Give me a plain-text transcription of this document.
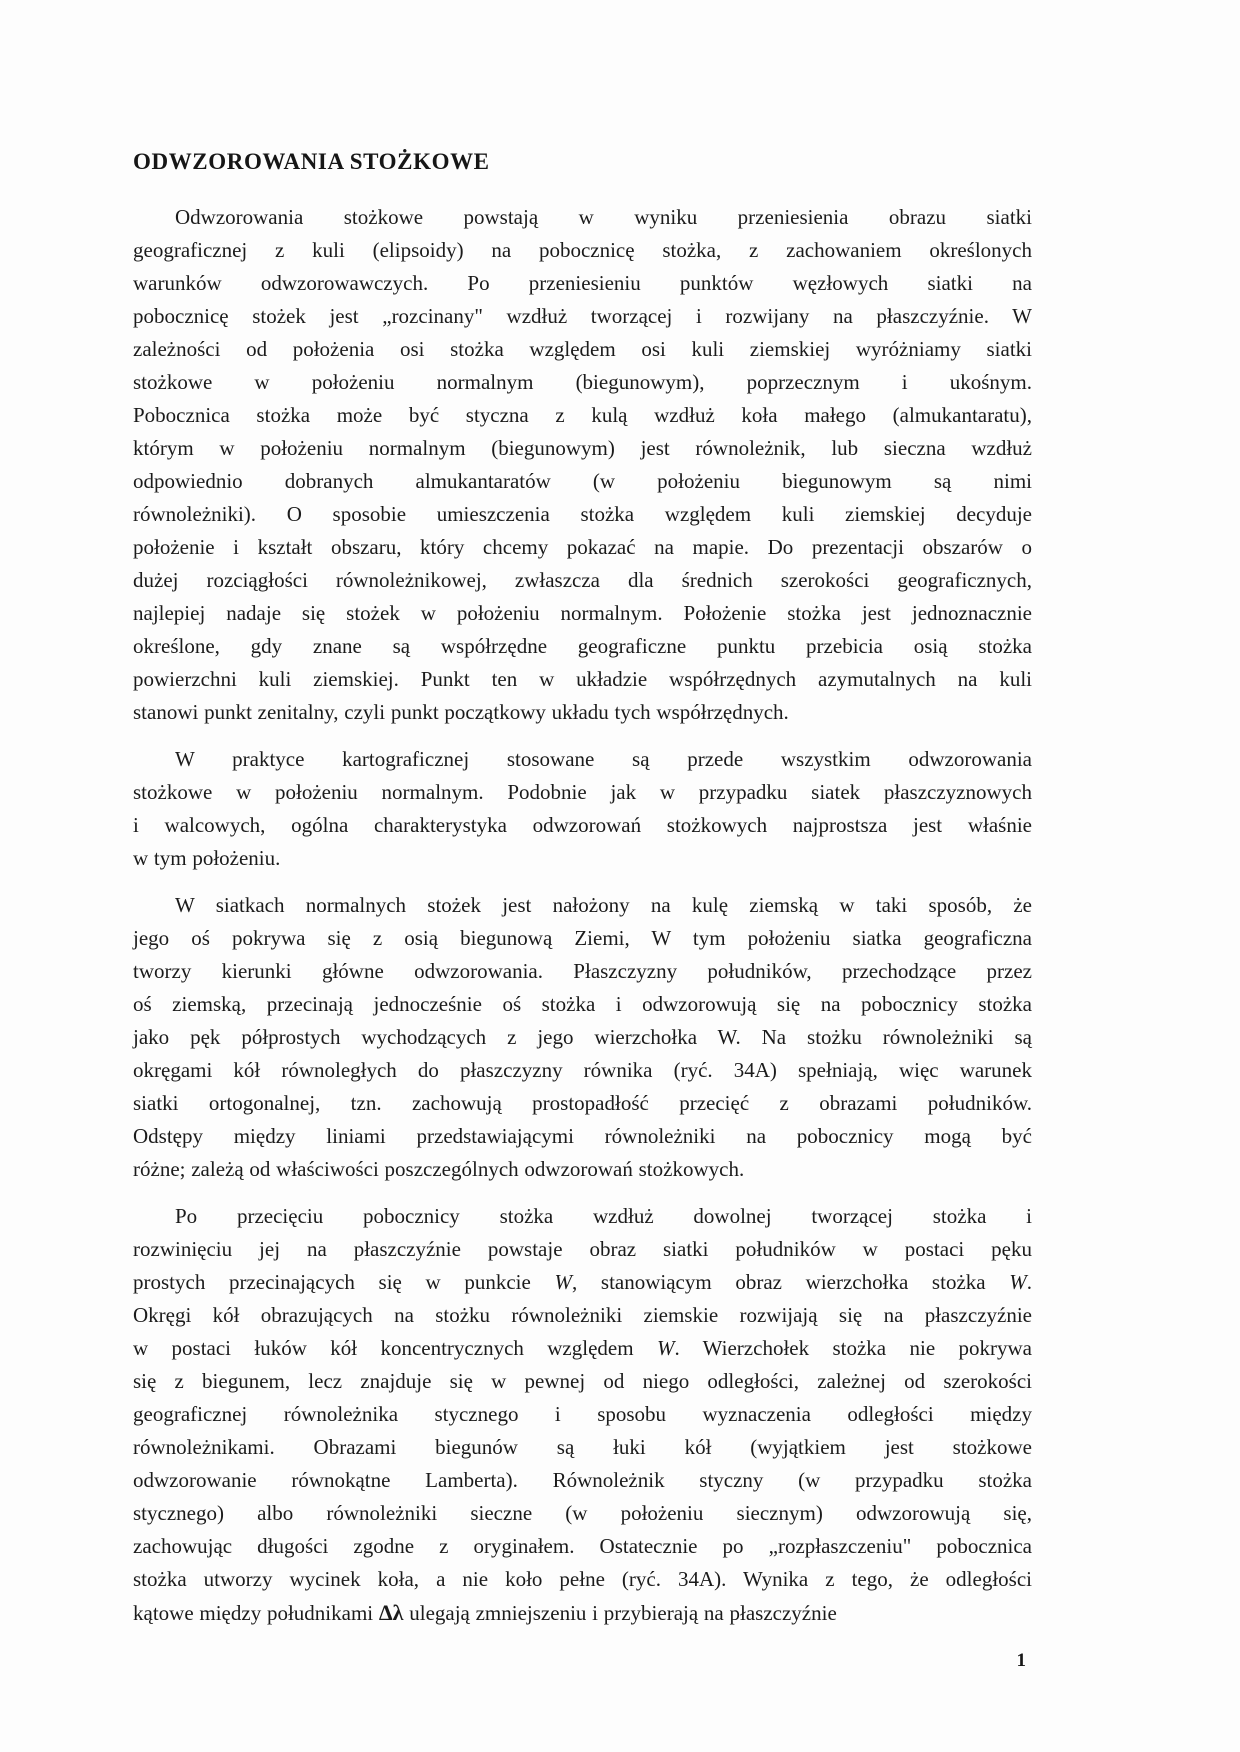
ODWZOROWANIA STOŻKOWE
Odwzorowania stożkowe powstają w wyniku przeniesienia obrazu siatki
geograficznej z kuli (elipsoidy) na pobocznicę stożka, z zachowaniem określonych
warunków odwzorowawczych. Po przeniesieniu punktów węzłowych siatki na
pobocznicę stożek jest „rozcinany" wzdłuż tworzącej i rozwijany na płaszczyźnie. W
zależności od położenia osi stożka względem osi kuli ziemskiej wyróżniamy siatki
stożkowe w położeniu normalnym (biegunowym), poprzecznym i ukośnym.
Pobocznica stożka może być styczna z kulą wzdłuż koła małego (almukantaratu),
którym w położeniu normalnym (biegunowym) jest równoleżnik, lub sieczna wzdłuż
odpowiednio dobranych almukantaratów (w położeniu biegunowym są nimi
równoleżniki). O sposobie umieszczenia stożka względem kuli ziemskiej decyduje
położenie i kształt obszaru, który chcemy pokazać na mapie. Do prezentacji obszarów o
dużej rozciągłości równoleżnikowej, zwłaszcza dla średnich szerokości geograficznych,
najlepiej nadaje się stożek w położeniu normalnym. Położenie stożka jest jednoznacznie
określone, gdy znane są współrzędne geograficzne punktu przebicia osią stożka
powierzchni kuli ziemskiej. Punkt ten w układzie współrzędnych azymutalnych na kuli
stanowi punkt zenitalny, czyli punkt początkowy układu tych współrzędnych.
W praktyce kartograficznej stosowane są przede wszystkim odwzorowania
stożkowe w położeniu normalnym. Podobnie jak w przypadku siatek płaszczyznowych
i walcowych, ogólna charakterystyka odwzorowań stożkowych najprostsza jest właśnie
w tym położeniu.
W siatkach normalnych stożek jest nałożony na kulę ziemską w taki sposób, że
jego oś pokrywa się z osią biegunową Ziemi, W tym położeniu siatka geograficzna
tworzy kierunki główne odwzorowania. Płaszczyzny południków, przechodzące przez
oś ziemską, przecinają jednocześnie oś stożka i odwzorowują się na pobocznicy stożka
jako pęk półprostych wychodzących z jego wierzchołka W. Na stożku równoleżniki są
okręgami kół równoległych do płaszczyzny równika (ryć. 34A) spełniają, więc warunek
siatki ortogonalnej, tzn. zachowują prostopadłość przecięć z obrazami południków.
Odstępy między liniami przedstawiającymi równoleżniki na pobocznicy mogą być
różne; zależą od właściwości poszczególnych odwzorowań stożkowych.
Po przecięciu pobocznicy stożka wzdłuż dowolnej tworzącej stożka i
rozwinięciu jej na płaszczyźnie powstaje obraz siatki południków w postaci pęku
prostych przecinających się w punkcie W, stanowiącym obraz wierzchołka stożka W.
Okręgi kół obrazujących na stożku równoleżniki ziemskie rozwijają się na płaszczyźnie
w postaci łuków kół koncentrycznych względem W. Wierzchołek stożka nie pokrywa
się z biegunem, lecz znajduje się w pewnej od niego odległości, zależnej od szerokości
geograficznej równoleżnika stycznego i sposobu wyznaczenia odległości między
równoleżnikami. Obrazami biegunów są łuki kół (wyjątkiem jest stożkowe
odwzorowanie równokątne Lamberta). Równoleżnik styczny (w przypadku stożka
stycznego) albo równoleżniki sieczne (w położeniu siecznym) odwzorowują się,
zachowując długości zgodne z oryginałem. Ostatecznie po „rozpłaszczeniu" pobocznica
stożka utworzy wycinek koła, a nie koło pełne (ryć. 34A). Wynika z tego, że odległości
kątowe między południkami Δλ ulegają zmniejszeniu i przybierają na płaszczyźnie
1
